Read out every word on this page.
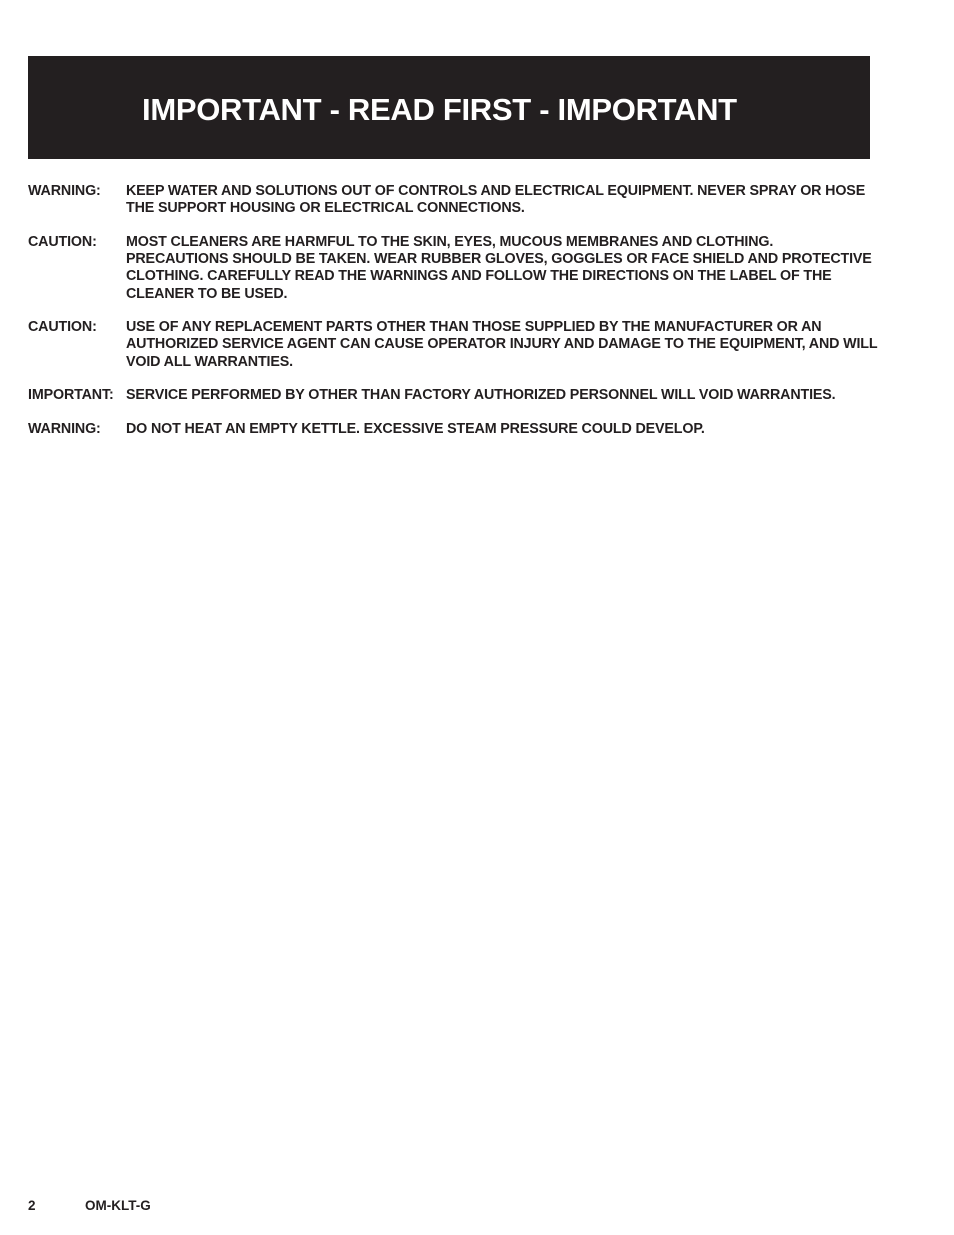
IMPORTANT - READ FIRST - IMPORTANT
WARNING:	KEEP WATER AND SOLUTIONS OUT OF CONTROLS AND ELECTRICAL EQUIPMENT. NEVER SPRAY OR HOSE THE SUPPORT HOUSING OR ELECTRICAL CONNECTIONS.

CAUTION:	MOST CLEANERS ARE HARMFUL TO THE SKIN, EYES, MUCOUS MEMBRANES AND CLOTHING. PRECAUTIONS SHOULD BE TAKEN. WEAR RUBBER GLOVES, GOGGLES OR FACE SHIELD AND PROTECTIVE CLOTHING. CAREFULLY READ THE WARNINGS AND FOLLOW THE DIRECTIONS ON THE LABEL OF THE CLEANER TO BE USED.

CAUTION:	USE OF ANY REPLACEMENT PARTS OTHER THAN THOSE SUPPLIED BY THE MANUFACTURER OR AN AUTHORIZED SERVICE AGENT CAN CAUSE OPERATOR INJURY AND DAMAGE TO THE EQUIPMENT, AND WILL VOID ALL WARRANTIES.

IMPORTANT: SERVICE PERFORMED BY OTHER THAN FACTORY AUTHORIZED PERSONNEL WILL VOID WARRANTIES.

WARNING:	DO NOT HEAT AN EMPTY KETTLE. EXCESSIVE STEAM PRESSURE COULD DEVELOP.

2	OM-KLT-G
